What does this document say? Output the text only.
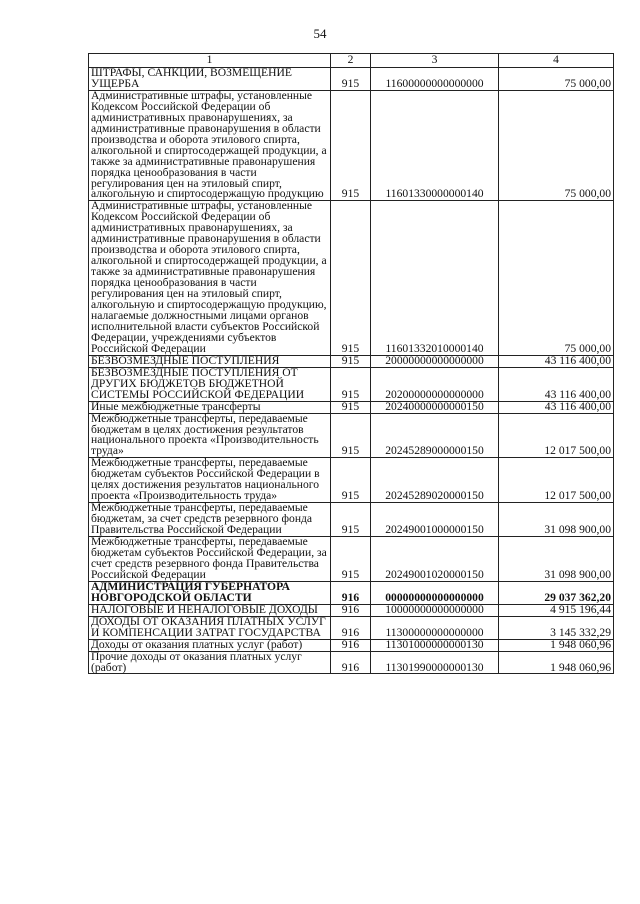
54
1	2	3	4
ШТРАФЫ, САНКЦИИ, ВОЗМЕЩЕНИЕ УЩЕРБА	915	11600000000000000	75 000,00
Административные штрафы, установленные Кодексом Российской Федерации об административных правонарушениях, за административные правонарушения в области производства и оборота этилового спирта, алкогольной и спиртосодержащей продукции, а также за административные правонарушения порядка ценообразования в части регулирования цен на этиловый спирт, алкогольную и спиртосодержащую продукцию	915	11601330000000140	75 000,00
Административные штрафы, установленные Кодексом Российской Федерации об административных правонарушениях, за административные правонарушения в области производства и оборота этилового спирта, алкогольной и спиртосодержащей продукции, а также за административные правонарушения порядка ценообразования в части регулирования цен на этиловый спирт, алкогольную и спиртосодержащую продукцию, налагаемые должностными лицами органов исполнительной власти субъектов Российской Федерации, учреждениями субъектов Российской Федерации	915	11601332010000140	75 000,00
БЕЗВОЗМЕЗДНЫЕ ПОСТУПЛЕНИЯ	915	20000000000000000	43 116 400,00
БЕЗВОЗМЕЗДНЫЕ ПОСТУПЛЕНИЯ ОТ ДРУГИХ БЮДЖЕТОВ БЮДЖЕТНОЙ СИСТЕМЫ РОССИЙСКОЙ ФЕДЕРАЦИИ	915	20200000000000000	43 116 400,00
Иные межбюджетные трансферты	915	20240000000000150	43 116 400,00
Межбюджетные трансферты, передаваемые бюджетам в целях достижения результатов национального проекта «Производительность труда»	915	20245289000000150	12 017 500,00
Межбюджетные трансферты, передаваемые бюджетам субъектов Российской Федерации в целях достижения результатов национального проекта «Производительность труда»	915	20245289020000150	12 017 500,00
Межбюджетные трансферты, передаваемые бюджетам, за счет средств резервного фонда Правительства Российской Федерации	915	20249001000000150	31 098 900,00
Межбюджетные трансферты, передаваемые бюджетам субъектов Российской Федерации, за счет средств резервного фонда Правительства Российской Федерации	915	20249001020000150	31 098 900,00
АДМИНИСТРАЦИЯ ГУБЕРНАТОРА НОВГОРОДСКОЙ ОБЛАСТИ	916	00000000000000000	29 037 362,20
НАЛОГОВЫЕ И НЕНАЛОГОВЫЕ ДОХОДЫ	916	10000000000000000	4 915 196,44
ДОХОДЫ ОТ ОКАЗАНИЯ ПЛАТНЫХ УСЛУГ И КОМПЕНСАЦИИ ЗАТРАТ ГОСУДАРСТВА	916	11300000000000000	3 145 332,29
Доходы от оказания платных услуг (работ)	916	11301000000000130	1 948 060,96
Прочие доходы от оказания платных услуг (работ)	916	11301990000000130	1 948 060,96
